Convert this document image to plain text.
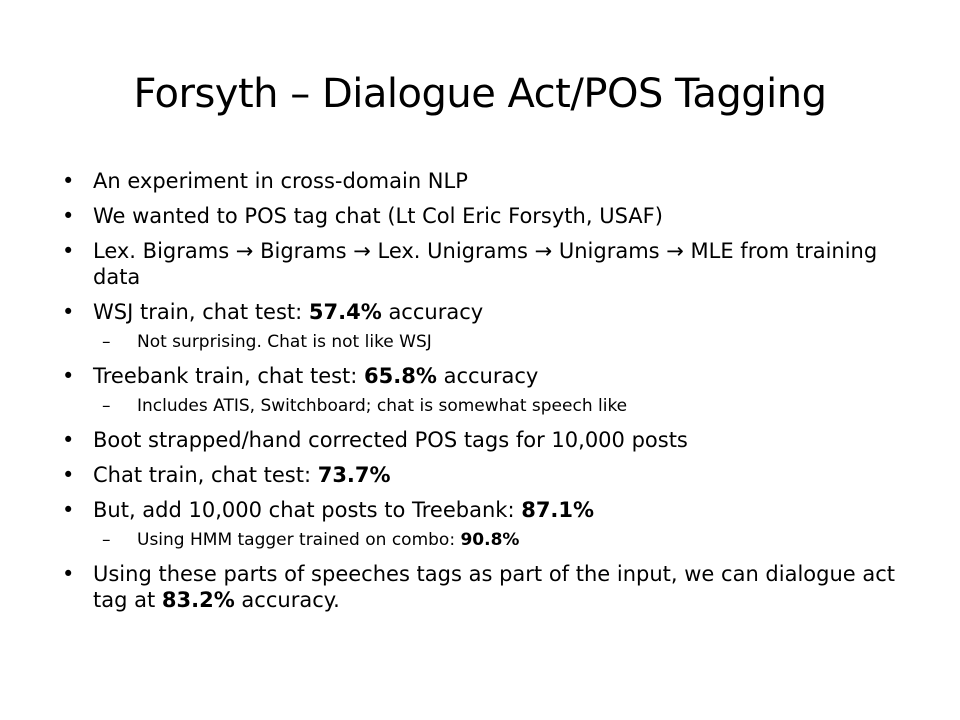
Forsyth – Dialogue Act/POS Tagging
• An experiment in cross-domain NLP
• We wanted to POS tag chat (Lt Col Eric Forsyth, USAF)
• Lex. Bigrams → Bigrams → Lex. Unigrams → Unigrams → MLE from training data
• WSJ train, chat test: 57.4% accuracy
– Not surprising. Chat is not like WSJ
• Treebank train, chat test: 65.8% accuracy
– Includes ATIS, Switchboard; chat is somewhat speech like
• Boot strapped/hand corrected POS tags for 10,000 posts
• Chat train, chat test: 73.7%
• But, add 10,000 chat posts to Treebank: 87.1%
– Using HMM tagger trained on combo: 90.8%
• Using these parts of speeches tags as part of the input, we can dialogue act tag at 83.2% accuracy.
